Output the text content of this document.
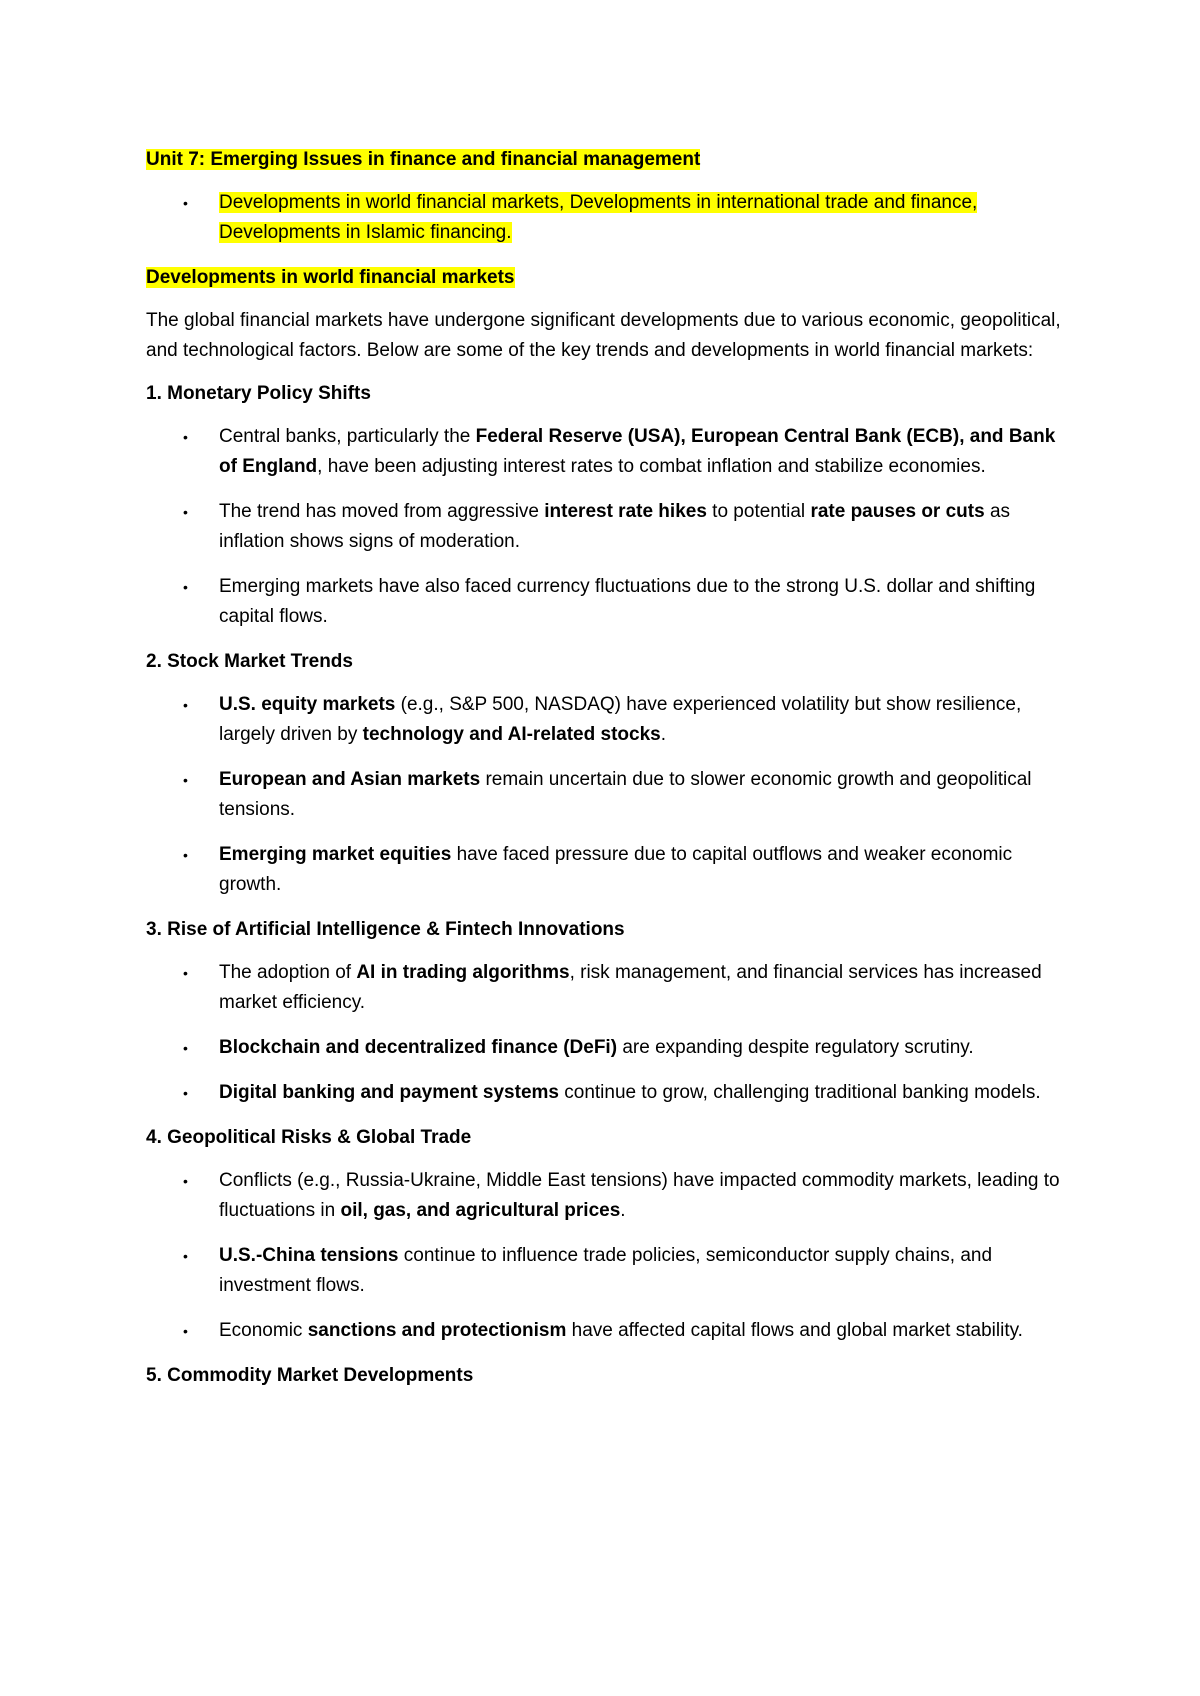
Unit 7: Emerging Issues in finance and financial management
• Developments in world financial markets, Developments in international trade and finance, Developments in Islamic financing.
Developments in world financial markets

The global financial markets have undergone significant developments due to various economic, geopolitical, and technological factors. Below are some of the key trends and developments in world financial markets:

1. Monetary Policy Shifts
• Central banks, particularly the Federal Reserve (USA), European Central Bank (ECB), and Bank of England, have been adjusting interest rates to combat inflation and stabilize economies.
• The trend has moved from aggressive interest rate hikes to potential rate pauses or cuts as inflation shows signs of moderation.
• Emerging markets have also faced currency fluctuations due to the strong U.S. dollar and shifting capital flows.
2. Stock Market Trends
• U.S. equity markets (e.g., S&P 500, NASDAQ) have experienced volatility but show resilience, largely driven by technology and AI-related stocks.
• European and Asian markets remain uncertain due to slower economic growth and geopolitical tensions.
• Emerging market equities have faced pressure due to capital outflows and weaker economic growth.
3. Rise of Artificial Intelligence & Fintech Innovations
• The adoption of AI in trading algorithms, risk management, and financial services has increased market efficiency.
• Blockchain and decentralized finance (DeFi) are expanding despite regulatory scrutiny.
• Digital banking and payment systems continue to grow, challenging traditional banking models.
4. Geopolitical Risks & Global Trade
• Conflicts (e.g., Russia-Ukraine, Middle East tensions) have impacted commodity markets, leading to fluctuations in oil, gas, and agricultural prices.
• U.S.-China tensions continue to influence trade policies, semiconductor supply chains, and investment flows.
• Economic sanctions and protectionism have affected capital flows and global market stability.
5. Commodity Market Developments
